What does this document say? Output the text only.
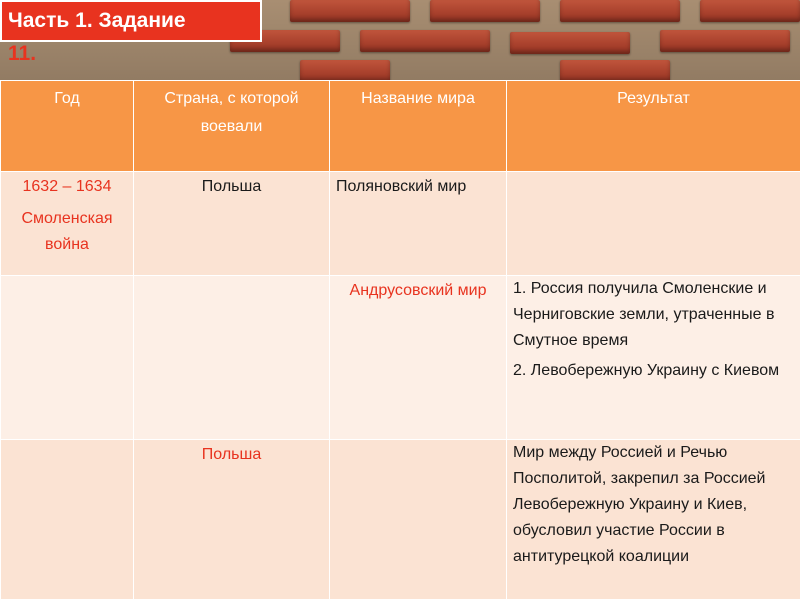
Часть 1. Задание
11.
Год	Страна, с которой воевали	Название мира	Результат

1632 – 1634
Смоленская война	Польша	Поляновский мир	

		Андрусовский мир	1. Россия получила Смоленские и Черниговские земли, утраченные в Смутное время
2. Левобережную Украину с Киевом

	Польша		Мир между Россией и Речью Посполитой, закрепил за Россией Левобережную Украину и Киев, обусловил участие России в антитурецкой коалиции
